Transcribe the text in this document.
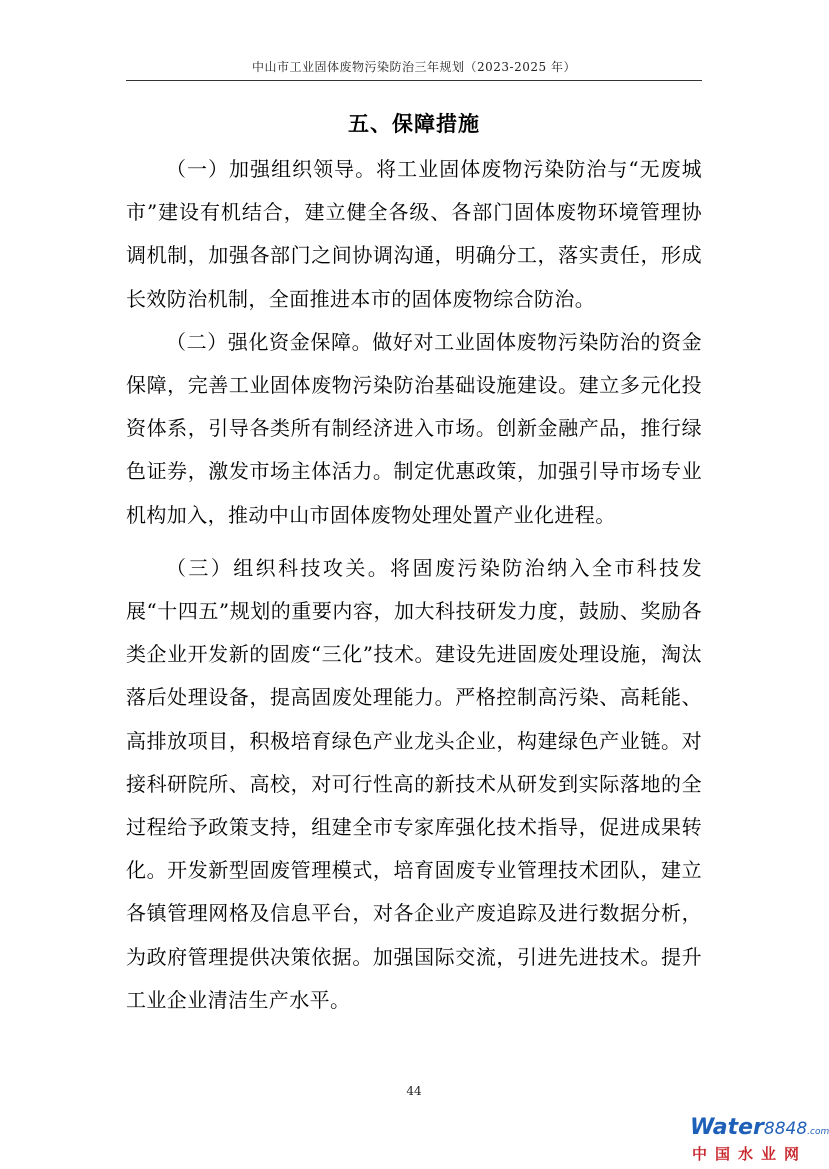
中山市工业固体废物污染防治三年规划（2023-2025 年）
五、保障措施

（一）加强组织领导。将工业固体废物污染防治与“无废城市”建设有机结合，建立健全各级、各部门固体废物环境管理协调机制，加强各部门之间协调沟通，明确分工，落实责任，形成长效防治机制，全面推进本市的固体废物综合防治。

（二）强化资金保障。做好对工业固体废物污染防治的资金保障，完善工业固体废物污染防治基础设施建设。建立多元化投资体系，引导各类所有制经济进入市场。创新金融产品，推行绿色证券，激发市场主体活力。制定优惠政策，加强引导市场专业机构加入，推动中山市固体废物处理处置产业化进程。

（三）组织科技攻关。将固废污染防治纳入全市科技发展“十四五”规划的重要内容，加大科技研发力度，鼓励、奖励各类企业开发新的固废“三化”技术。建设先进固废处理设施，淘汰落后处理设备，提高固废处理能力。严格控制高污染、高耗能、高排放项目，积极培育绿色产业龙头企业，构建绿色产业链。对接科研院所、高校，对可行性高的新技术从研发到实际落地的全过程给予政策支持，组建全市专家库强化技术指导，促进成果转化。开发新型固废管理模式，培育固废专业管理技术团队，建立各镇管理网格及信息平台，对各企业产废追踪及进行数据分析，为政府管理提供决策依据。加强国际交流，引进先进技术。提升工业企业清洁生产水平。

44
Water8848.com
中国水业网
